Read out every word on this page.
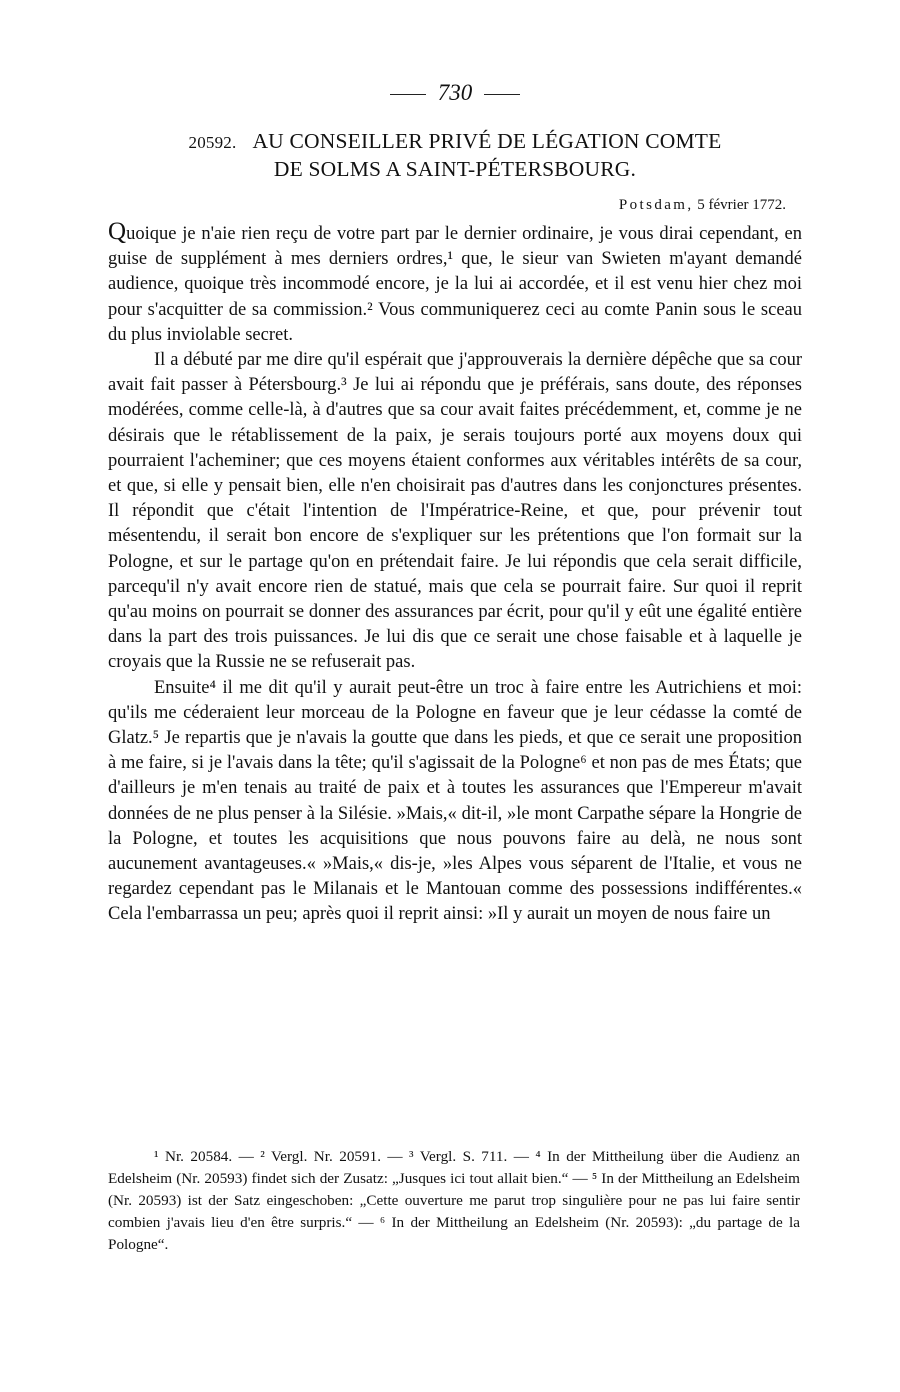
730
20592. AU CONSEILLER PRIVÉ DE LÉGATION COMTE
DE SOLMS A SAINT-PÉTERSBOURG.
Potsdam, 5 février 1772.

Quoique je n'aie rien reçu de votre part par le dernier ordinaire, je vous dirai cependant, en guise de supplément à mes derniers ordres,¹ que, le sieur van Swieten m'ayant demandé audience, quoique très incommodé encore, je la lui ai accordée, et il est venu hier chez moi pour s'acquitter de sa commission.² Vous communiquerez ceci au comte Panin sous le sceau du plus inviolable secret.

Il a débuté par me dire qu'il espérait que j'approuverais la dernière dépêche que sa cour avait fait passer à Pétersbourg.³ Je lui ai répondu que je préférais, sans doute, des réponses modérées, comme celle-là, à d'autres que sa cour avait faites précédemment, et, comme je ne désirais que le rétablissement de la paix, je serais toujours porté aux moyens doux qui pourraient l'acheminer; que ces moyens étaient conformes aux véritables intérêts de sa cour, et que, si elle y pensait bien, elle n'en choisirait pas d'autres dans les conjonctures présentes. Il répondit que c'était l'intention de l'Impératrice-Reine, et que, pour prévenir tout mésentendu, il serait bon encore de s'expliquer sur les prétentions que l'on formait sur la Pologne, et sur le partage qu'on en prétendait faire. Je lui répondis que cela serait difficile, parcequ'il n'y avait encore rien de statué, mais que cela se pourrait faire. Sur quoi il reprit qu'au moins on pourrait se donner des assurances par écrit, pour qu'il y eût une égalité entière dans la part des trois puissances. Je lui dis que ce serait une chose faisable et à laquelle je croyais que la Russie ne se refuserait pas.

Ensuite⁴ il me dit qu'il y aurait peut-être un troc à faire entre les Autrichiens et moi: qu'ils me céderaient leur morceau de la Pologne en faveur que je leur cédasse la comté de Glatz.⁵ Je repartis que je n'avais la goutte que dans les pieds, et que ce serait une proposition à me faire, si je l'avais dans la tête; qu'il s'agissait de la Pologne⁶ et non pas de mes États; que d'ailleurs je m'en tenais au traité de paix et à toutes les assurances que l'Empereur m'avait données de ne plus penser à la Silésie. »Mais,« dit-il, »le mont Carpathe sépare la Hongrie de la Pologne, et toutes les acquisitions que nous pouvons faire au delà, ne nous sont aucunement avantageuses.« »Mais,« dis-je, »les Alpes vous séparent de l'Italie, et vous ne regardez cependant pas le Milanais et le Mantouan comme des possessions indifférentes.« Cela l'embarrassa un peu; après quoi il reprit ainsi: »Il y aurait un moyen de nous faire un

¹ Nr. 20584. — ² Vergl. Nr. 20591. — ³ Vergl. S. 711. — ⁴ In der Mittheilung über die Audienz an Edelsheim (Nr. 20593) findet sich der Zusatz: „Jusques ici tout allait bien.“ — ⁵ In der Mittheilung an Edelsheim (Nr. 20593) ist der Satz eingeschoben: „Cette ouverture me parut trop singulière pour ne pas lui faire sentir combien j'avais lieu d'en être surpris.“ — ⁶ In der Mittheilung an Edelsheim (Nr. 20593): „du partage de la Pologne“.
